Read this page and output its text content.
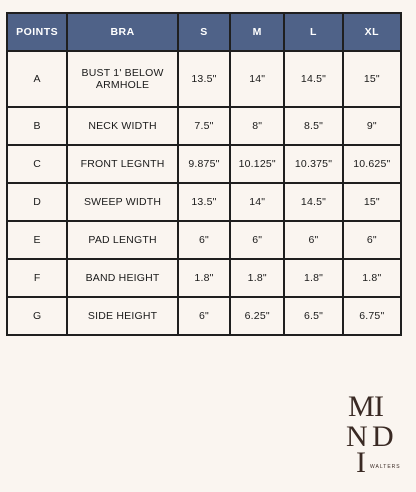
POINTS	BRA	S	M	L	XL
A	BUST 1' BELOW ARMHOLE	13.5"	14"	14.5"	15"
B	NECK WIDTH	7.5"	8"	8.5"	9"
C	FRONT LEGNTH	9.875"	10.125"	10.375"	10.625"
D	SWEEP WIDTH	13.5"	14"	14.5"	15"
E	PAD LENGTH	6"	6"	6"	6"
F	BAND HEIGHT	1.8"	1.8"	1.8"	1.8"
G	SIDE HEIGHT	6"	6.25"	6.5"	6.75"
M I
N D
I WALTERS
